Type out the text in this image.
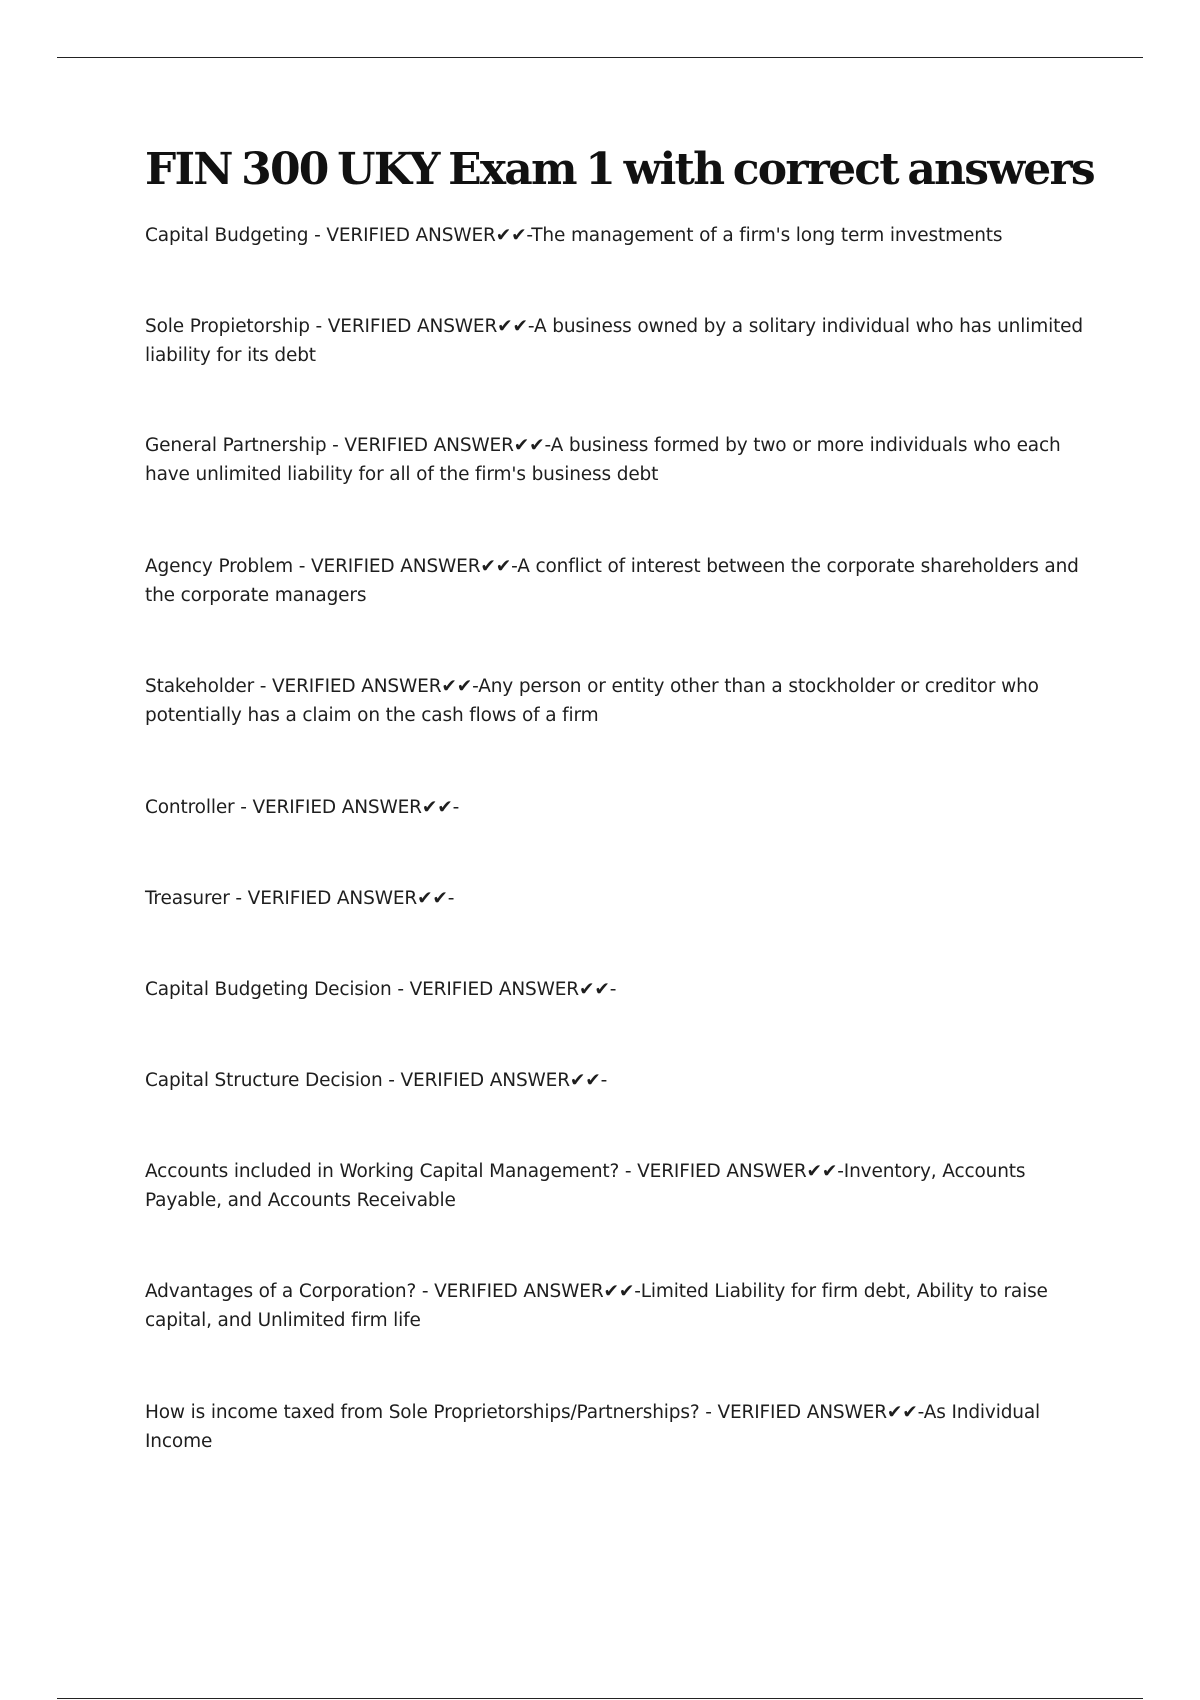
FIN 300 UKY Exam 1 with correct answers

Capital Budgeting - VERIFIED ANSWER✔✔-The management of a firm's long term investments

Sole Propietorship - VERIFIED ANSWER✔✔-A business owned by a solitary individual who has unlimited liability for its debt

General Partnership - VERIFIED ANSWER✔✔-A business formed by two or more individuals who each have unlimited liability for all of the firm's business debt

Agency Problem - VERIFIED ANSWER✔✔-A conflict of interest between the corporate shareholders and the corporate managers

Stakeholder - VERIFIED ANSWER✔✔-Any person or entity other than a stockholder or creditor who potentially has a claim on the cash flows of a firm

Controller - VERIFIED ANSWER✔✔-

Treasurer - VERIFIED ANSWER✔✔-

Capital Budgeting Decision - VERIFIED ANSWER✔✔-

Capital Structure Decision - VERIFIED ANSWER✔✔-

Accounts included in Working Capital Management? - VERIFIED ANSWER✔✔-Inventory, Accounts Payable, and Accounts Receivable

Advantages of a Corporation? - VERIFIED ANSWER✔✔-Limited Liability for firm debt, Ability to raise capital, and Unlimited firm life

How is income taxed from Sole Proprietorships/Partnerships? - VERIFIED ANSWER✔✔-As Individual Income
